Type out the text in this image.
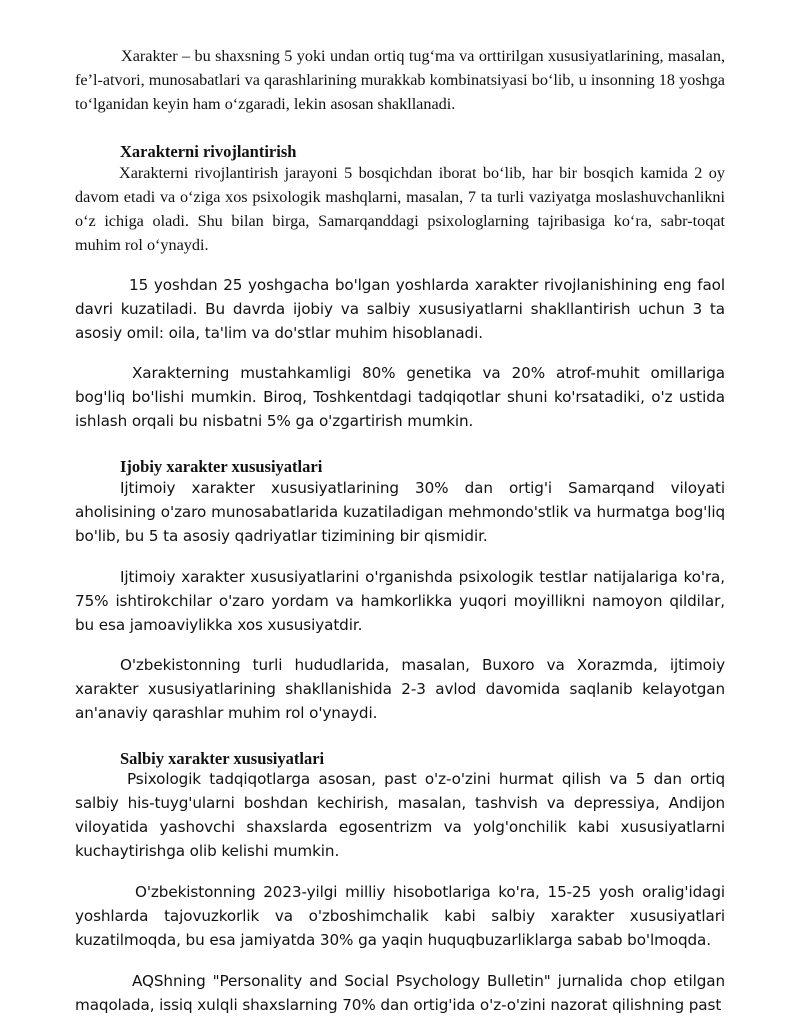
Xarakter – bu shaxsning 5 yoki undan ortiq tug‘ma va orttirilgan xususiyatlarining, masalan, fe’l-atvori, munosabatlari va qarashlarining murakkab kombinatsiyasi bo‘lib, u insonning 18 yoshga to‘lganidan keyin ham o‘zgaradi, lekin asosan shakllanadi.

Xarakterni rivojlantirish

Xarakterni rivojlantirish jarayoni 5 bosqichdan iborat bo‘lib, har bir bosqich kamida 2 oy davom etadi va o‘ziga xos psixologik mashqlarni, masalan, 7 ta turli vaziyatga moslashuvchanlikni o‘z ichiga oladi. Shu bilan birga, Samarqanddagi psixologlarning tajribasiga ko‘ra, sabr-toqat muhim rol o‘ynaydi.

15 yoshdan 25 yoshgacha bo'lgan yoshlarda xarakter rivojlanishining eng faol davri kuzatiladi. Bu davrda ijobiy va salbiy xususiyatlarni shakllantirish uchun 3 ta asosiy omil: oila, ta'lim va do'stlar muhim hisoblanadi.

Xarakterning mustahkamligi 80% genetika va 20% atrof-muhit omillariga bog'liq bo'lishi mumkin. Biroq, Toshkentdagi tadqiqotlar shuni ko'rsatadiki, o'z ustida ishlash orqali bu nisbatni 5% ga o'zgartirish mumkin.

Ijobiy xarakter xususiyatlari

Ijtimoiy xarakter xususiyatlarining 30% dan ortig'i Samarqand viloyati aholisining o'zaro munosabatlarida kuzatiladigan mehmondo'stlik va hurmatga bog'liq bo'lib, bu 5 ta asosiy qadriyatlar tizimining bir qismidir.

Ijtimoiy xarakter xususiyatlarini o'rganishda psixologik testlar natijalariga ko'ra, 75% ishtirokchilar o'zaro yordam va hamkorlikka yuqori moyillikni namoyon qildilar, bu esa jamoaviylikka xos xususiyatdir.

O'zbekistonning turli hududlarida, masalan, Buxoro va Xorazmda, ijtimoiy xarakter xususiyatlarining shakllanishida 2-3 avlod davomida saqlanib kelayotgan an'anaviy qarashlar muhim rol o'ynaydi.

Salbiy xarakter xususiyatlari

Psixologik tadqiqotlarga asosan, past o'z-o'zini hurmat qilish va 5 dan ortiq salbiy his-tuyg'ularni boshdan kechirish, masalan, tashvish va depressiya, Andijon viloyatida yashovchi shaxslarda egosentrizm va yolg'onchilik kabi xususiyatlarni kuchaytirishga olib kelishi mumkin.

O'zbekistonning 2023-yilgi milliy hisobotlariga ko'ra, 15-25 yosh oralig'idagi yoshlarda tajovuzkorlik va o'zboshimchalik kabi salbiy xarakter xususiyatlari kuzatilmoqda, bu esa jamiyatda 30% ga yaqin huquqbuzarliklarga sabab bo'lmoqda.

AQShning "Personality and Social Psychology Bulletin" jurnalida chop etilgan maqolada, issiq xulqli shaxslarning 70% dan ortig'ida o'z-o'zini nazorat qilishning past
